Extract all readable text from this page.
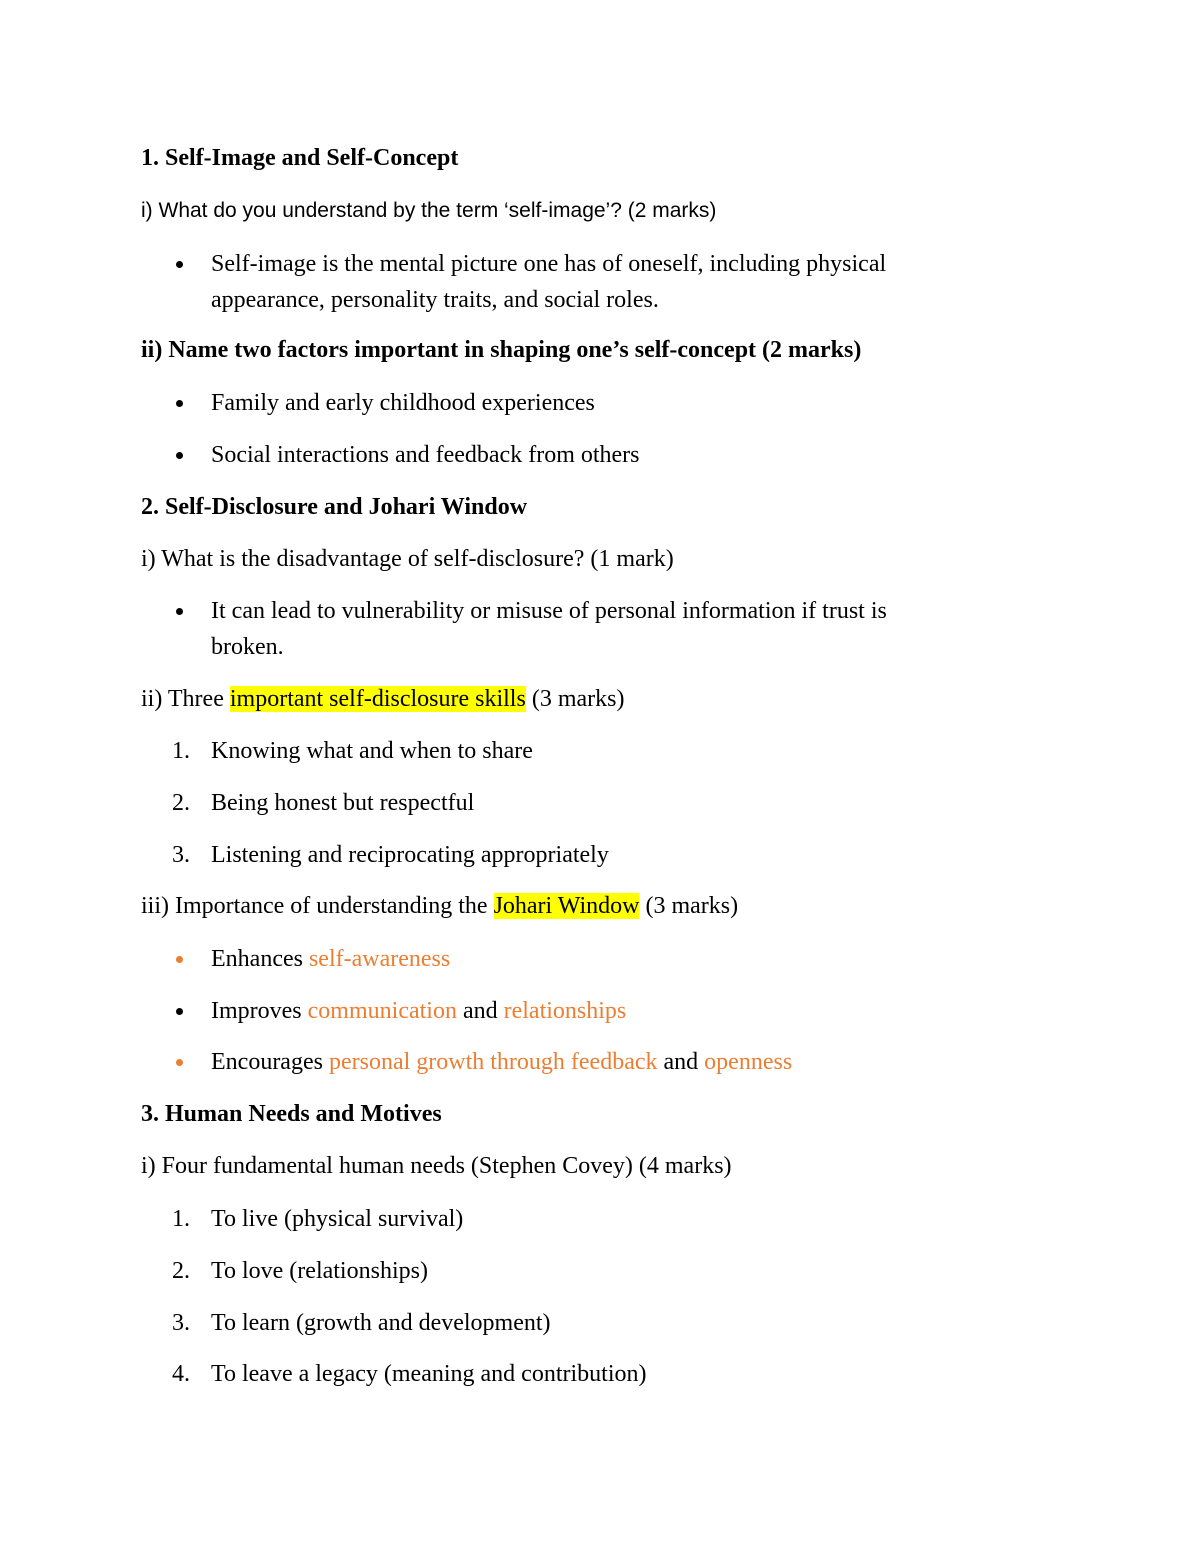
1. Self-Image and Self-Concept

i) What do you understand by the term ‘self-image’? (2 marks)

Self-image is the mental picture one has of oneself, including physical
appearance, personality traits, and social roles.

ii) Name two factors important in shaping one’s self-concept (2 marks)

Family and early childhood experiences
Social interactions and feedback from others

2. Self-Disclosure and Johari Window

i) What is the disadvantage of self-disclosure? (1 mark)

It can lead to vulnerability or misuse of personal information if trust is
broken.

ii) Three important self-disclosure skills (3 marks)

1. Knowing what and when to share
2. Being honest but respectful
3. Listening and reciprocating appropriately

iii) Importance of understanding the Johari Window (3 marks)

Enhances self-awareness
Improves communication and relationships
Encourages personal growth through feedback and openness

3. Human Needs and Motives

i) Four fundamental human needs (Stephen Covey) (4 marks)

1. To live (physical survival)
2. To love (relationships)
3. To learn (growth and development)
4. To leave a legacy (meaning and contribution)
